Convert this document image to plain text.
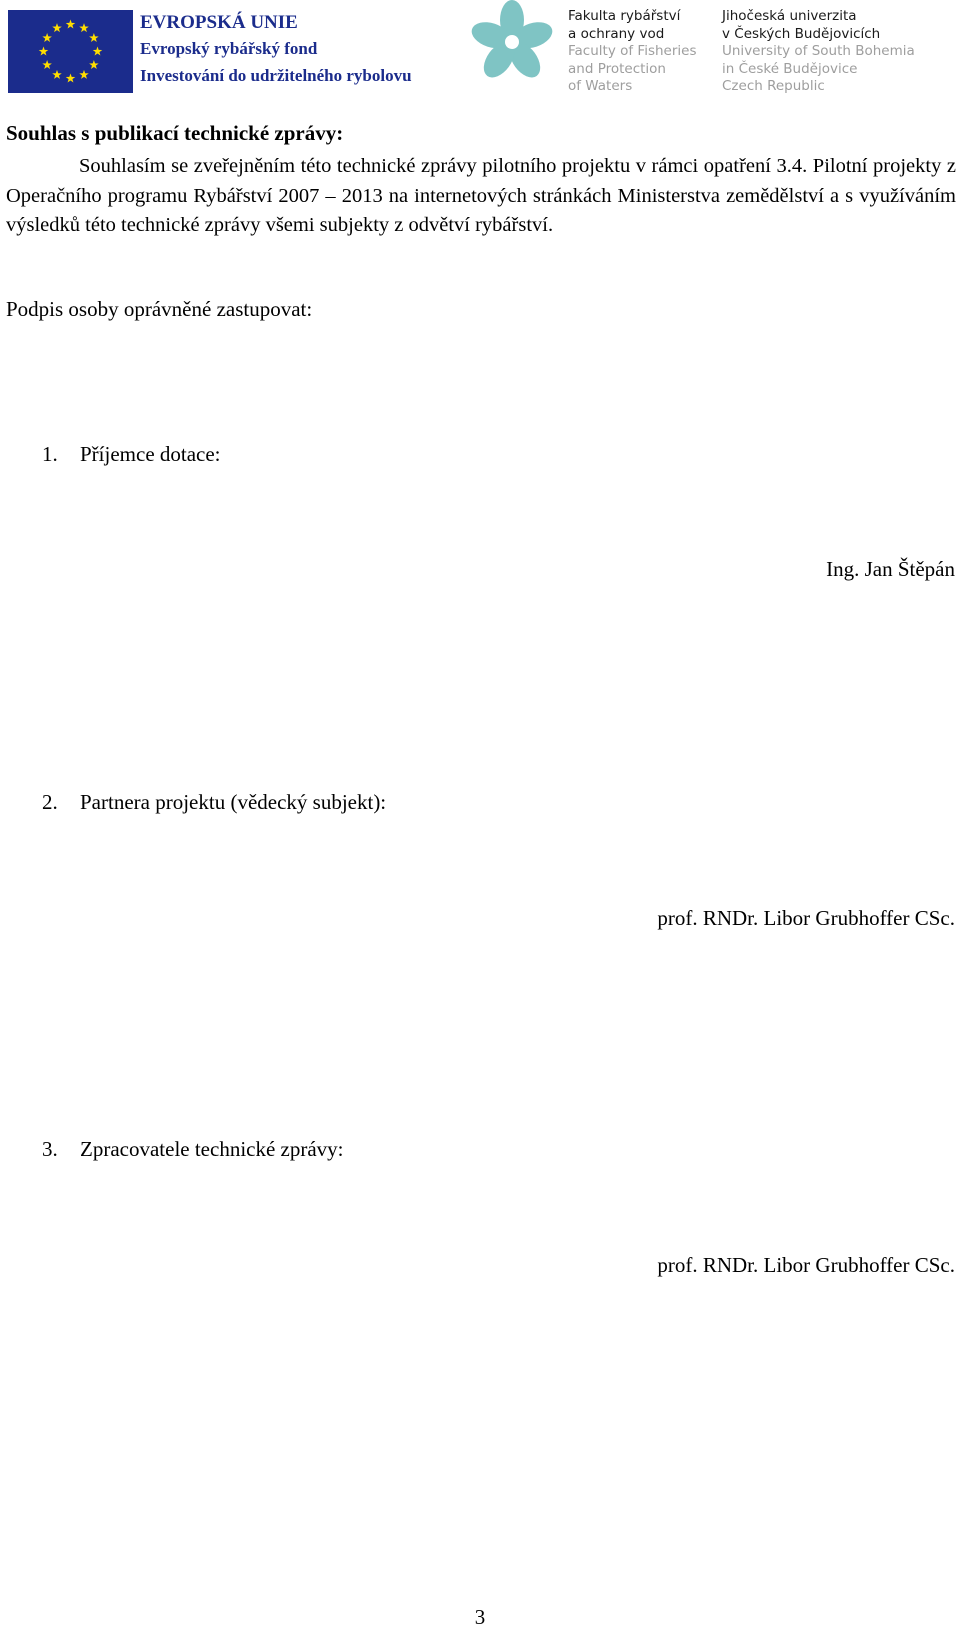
EVROPSKÁ UNIE
Evropský rybářský fond
Investování do udržitelného rybolovu
Fakulta rybářství
a ochrany vod
Faculty of Fisheries
and Protection
of Waters
Jihočeská univerzita
v Českých Budějovicích
University of South Bohemia
in České Budějovice
Czech Republic
Souhlas s publikací technické zprávy:

Souhlasím se zveřejněním této technické zprávy pilotního projektu v rámci opatření 3.4. Pilotní projekty z Operačního programu Rybářství 2007 – 2013 na internetových stránkách Ministerstva zemědělství a s využíváním výsledků této technické zprávy všemi subjekty z odvětví rybářství.

Podpis osoby oprávněné zastupovat:
1. Příjemce dotace:
Ing. Jan Štěpán
2. Partnera projektu (vědecký subjekt):
prof. RNDr. Libor Grubhoffer CSc.
3. Zpracovatele technické zprávy:
prof. RNDr. Libor Grubhoffer CSc.
3
